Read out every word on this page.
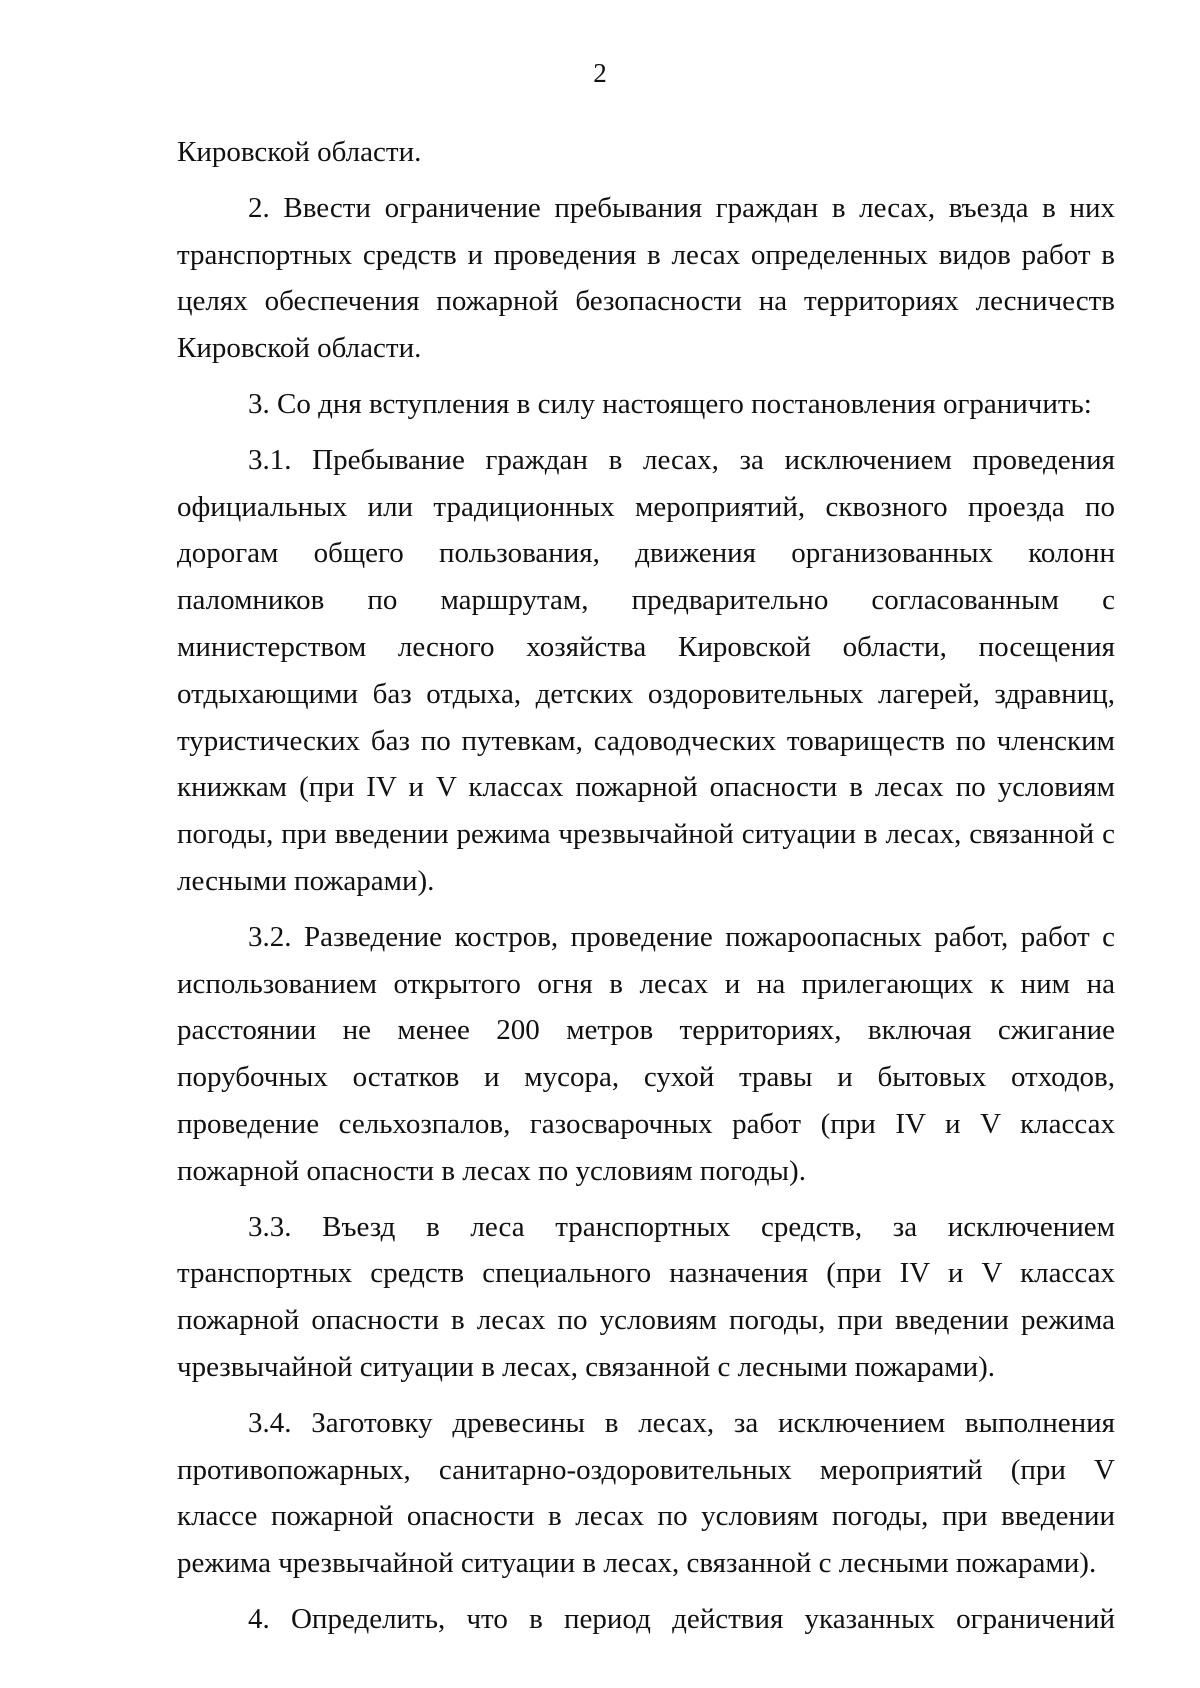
2

Кировской области.

2. Ввести ограничение пребывания граждан в лесах, въезда в них транспортных средств и проведения в лесах определенных видов работ в целях обеспечения пожарной безопасности на территориях лесничеств Кировской области.

3. Со дня вступления в силу настоящего постановления ограничить:

3.1. Пребывание граждан в лесах, за исключением проведения официальных или традиционных мероприятий, сквозного проезда по дорогам общего пользования, движения организованных колонн паломников по маршрутам, предварительно согласованным с министерством лесного хозяйства Кировской области, посещения отдыхающими баз отдыха, детских оздоровительных лагерей, здравниц, туристических баз по путевкам, садоводческих товариществ по членским книжкам (при IV и V классах пожарной опасности в лесах по условиям погоды, при введении режима чрезвычайной ситуации в лесах, связанной с лесными пожарами).

3.2. Разведение костров, проведение пожароопасных работ, работ с использованием открытого огня в лесах и на прилегающих к ним на расстоянии не менее 200 метров территориях, включая сжигание порубочных остатков и мусора, сухой травы и бытовых отходов, проведение сельхозпалов, газосварочных работ (при IV и V классах пожарной опасности в лесах по условиям погоды).

3.3. Въезд в леса транспортных средств, за исключением транспортных средств специального назначения (при IV и V классах пожарной опасности в лесах по условиям погоды, при введении режима чрезвычайной ситуации в лесах, связанной с лесными пожарами).

3.4. Заготовку древесины в лесах, за исключением выполнения противопожарных, санитарно-оздоровительных мероприятий (при V классе пожарной опасности в лесах по условиям погоды, при введении режима чрезвычайной ситуации в лесах, связанной с лесными пожарами).

4. Определить, что в период действия указанных ограничений
